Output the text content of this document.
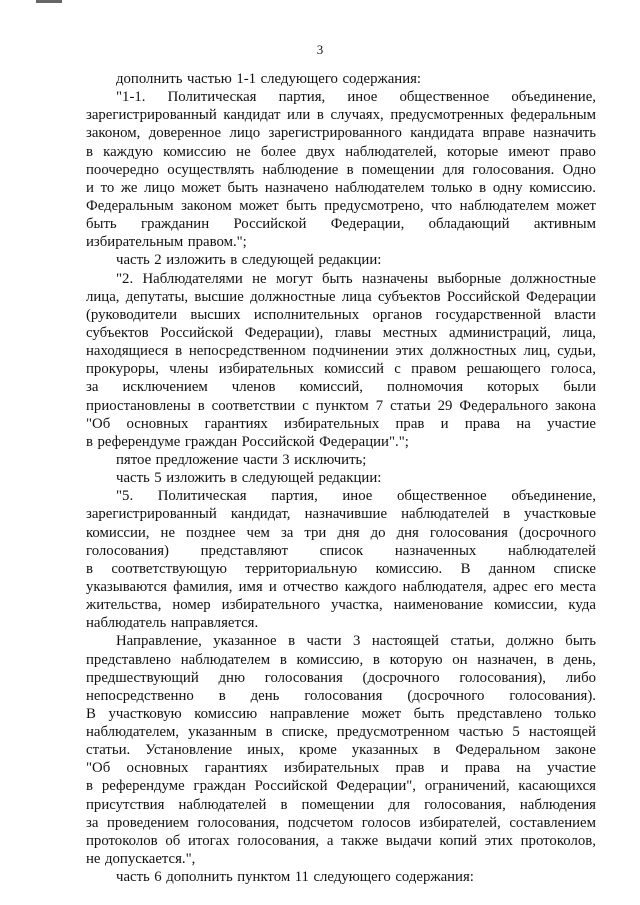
3
дополнить частью 1-1 следующего содержания:
"1-1. Политическая партия, иное общественное объединение,
зарегистрированный кандидат или в случаях, предусмотренных федеральным
законом, доверенное лицо зарегистрированного кандидата вправе назначить
в каждую комиссию не более двух наблюдателей, которые имеют право
поочередно осуществлять наблюдение в помещении для голосования. Одно
и то же лицо может быть назначено наблюдателем только в одну комиссию.
Федеральным законом может быть предусмотрено, что наблюдателем может
быть гражданин Российской Федерации, обладающий активным
избирательным правом.";
часть 2 изложить в следующей редакции:
"2. Наблюдателями не могут быть назначены выборные должностные
лица, депутаты, высшие должностные лица субъектов Российской Федерации
(руководители высших исполнительных органов государственной власти
субъектов Российской Федерации), главы местных администраций, лица,
находящиеся в непосредственном подчинении этих должностных лиц, судьи,
прокуроры, члены избирательных комиссий с правом решающего голоса,
за исключением членов комиссий, полномочия которых были
приостановлены в соответствии с пунктом 7 статьи 29 Федерального закона
"Об основных гарантиях избирательных прав и права на участие
в референдуме граждан Российской Федерации".";
пятое предложение части 3 исключить;
часть 5 изложить в следующей редакции:
"5. Политическая партия, иное общественное объединение,
зарегистрированный кандидат, назначившие наблюдателей в участковые
комиссии, не позднее чем за три дня до дня голосования (досрочного
голосования) представляют список назначенных наблюдателей
в соответствующую территориальную комиссию. В данном списке
указываются фамилия, имя и отчество каждого наблюдателя, адрес его места
жительства, номер избирательного участка, наименование комиссии, куда
наблюдатель направляется.
Направление, указанное в части 3 настоящей статьи, должно быть
представлено наблюдателем в комиссию, в которую он назначен, в день,
предшествующий дню голосования (досрочного голосования), либо
непосредственно в день голосования (досрочного голосования).
В участковую комиссию направление может быть представлено только
наблюдателем, указанным в списке, предусмотренном частью 5 настоящей
статьи. Установление иных, кроме указанных в Федеральном законе
"Об основных гарантиях избирательных прав и права на участие
в референдуме граждан Российской Федерации", ограничений, касающихся
присутствия наблюдателей в помещении для голосования, наблюдения
за проведением голосования, подсчетом голосов избирателей, составлением
протоколов об итогах голосования, а также выдачи копий этих протоколов,
не допускается.",
часть 6 дополнить пунктом 11 следующего содержания:
